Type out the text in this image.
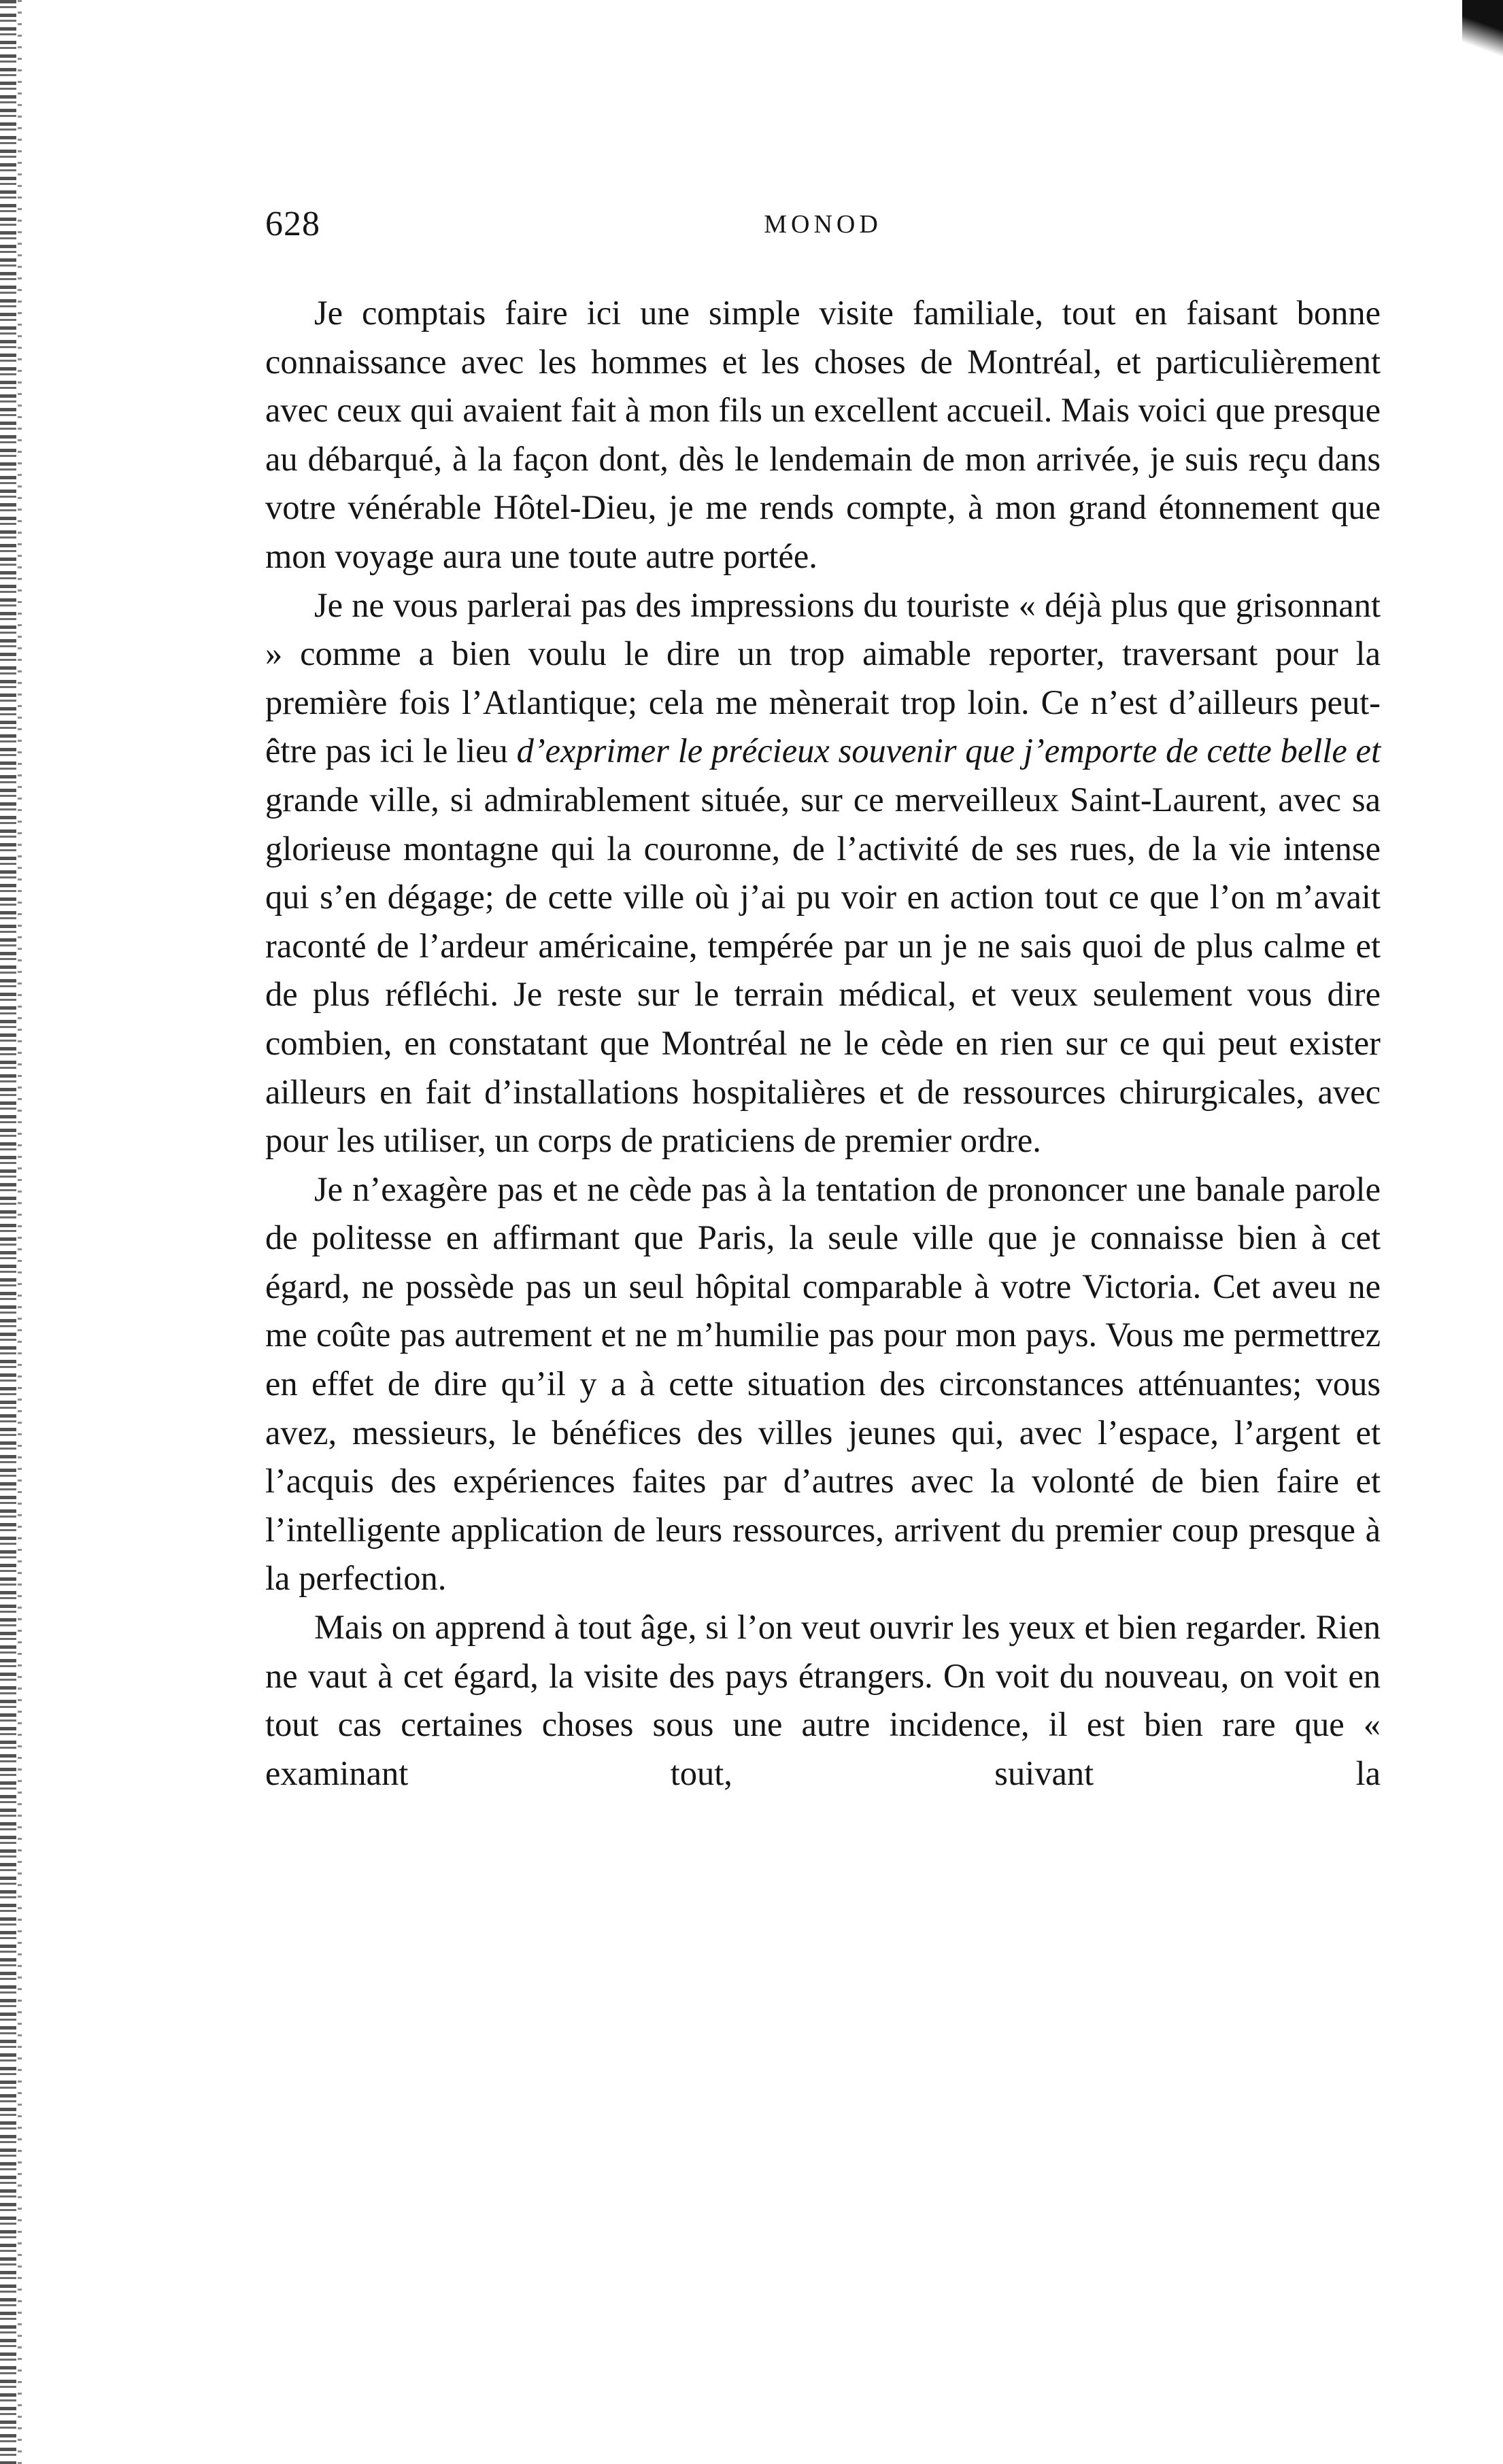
628	MONOD

Je comptais faire ici une simple visite familiale, tout en faisant bonne connaissance avec les hommes et les choses de Montréal, et particulièrement avec ceux qui avaient fait à mon fils un excellent accueil. Mais voici que presque au débarqué, à la façon dont, dès le lendemain de mon arrivée, je suis reçu dans votre vénérable Hôtel-Dieu, je me rends compte, à mon grand étonnement que mon voyage aura une toute autre portée.

Je ne vous parlerai pas des impressions du touriste « déjà plus que grisonnant » comme a bien voulu le dire un trop aimable reporter, traversant pour la première fois l’Atlantique; cela me mènerait trop loin. Ce n’est d’ailleurs peut-être pas ici le lieu d’exprimer le précieux souvenir que j’emporte de cette belle et grande ville, si admirablement située, sur ce merveilleux Saint-Laurent, avec sa glorieuse montagne qui la couronne, de l’activité de ses rues, de la vie intense qui s’en dégage; de cette ville où j’ai pu voir en action tout ce que l’on m’avait raconté de l’ardeur américaine, tempérée par un je ne sais quoi de plus calme et de plus réfléchi. Je reste sur le terrain médical, et veux seulement vous dire combien, en constatant que Montréal ne le cède en rien sur ce qui peut exister ailleurs en fait d’installations hospitalières et de ressources chirurgicales, avec pour les utiliser, un corps de praticiens de premier ordre.

Je n’exagère pas et ne cède pas à la tentation de prononcer une banale parole de politesse en affirmant que Paris, la seule ville que je connaisse bien à cet égard, ne possède pas un seul hôpital comparable à votre Victoria. Cet aveu ne me coûte pas autrement et ne m’humilie pas pour mon pays. Vous me permettrez en effet de dire qu’il y a à cette situation des circonstances atténuantes; vous avez, messieurs, le bénéfices des villes jeunes qui, avec l’espace, l’argent et l’acquis des expériences faites par d’autres avec la volonté de bien faire et l’intelligente application de leurs ressources, arrivent du premier coup presque à la perfection.

Mais on apprend à tout âge, si l’on veut ouvrir les yeux et bien regarder. Rien ne vaut à cet égard, la visite des pays étrangers. On voit du nouveau, on voit en tout cas certaines choses sous une autre incidence, il est bien rare que « examinant tout, suivant la
